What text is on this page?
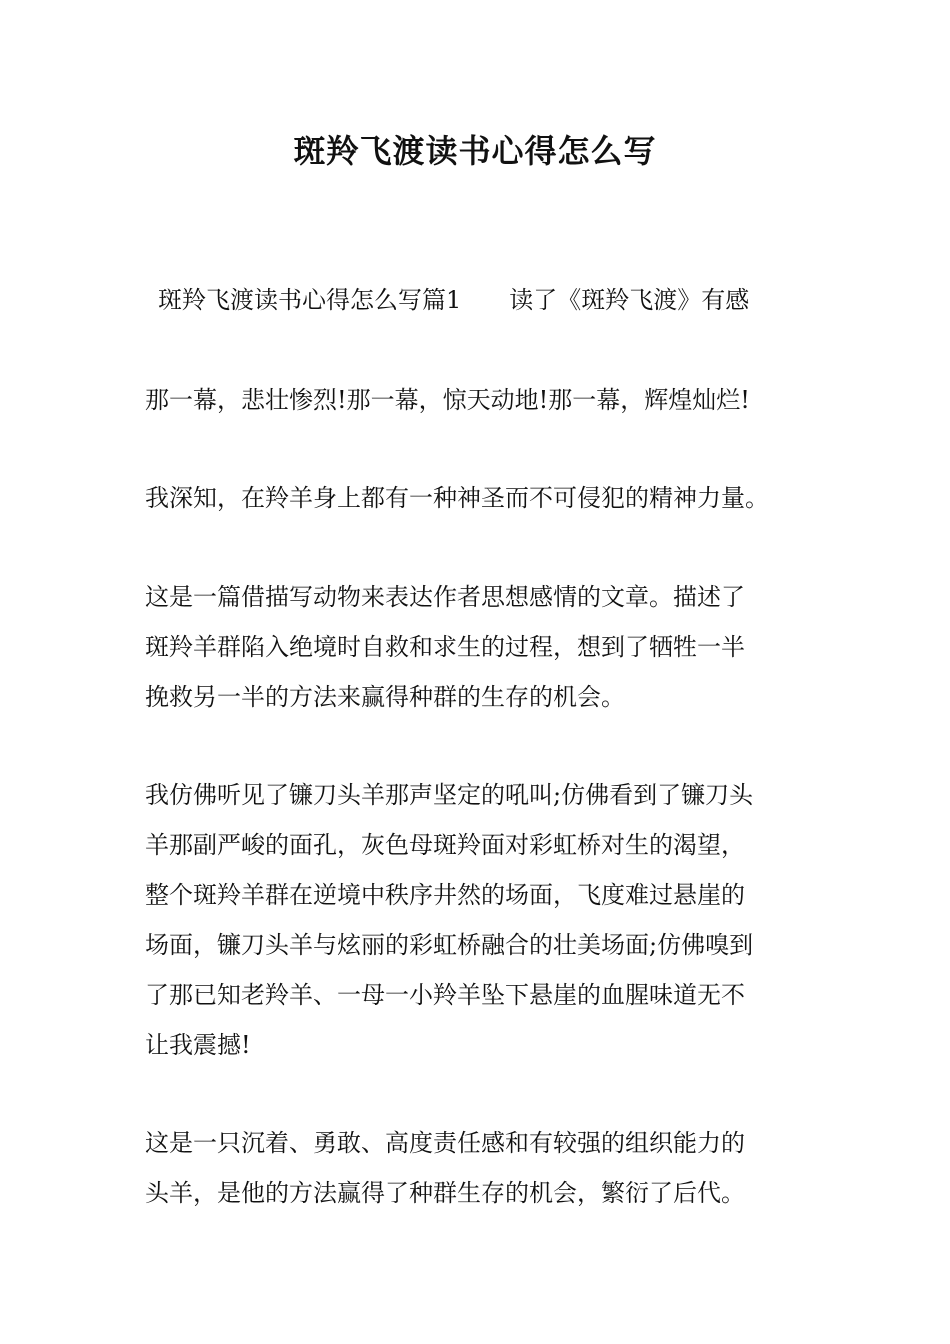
斑羚飞渡读书心得怎么写
斑羚飞渡读书心得怎么写篇1　　读了《斑羚飞渡》有感
那一幕，悲壮惨烈!那一幕，惊天动地!那一幕，辉煌灿烂!
我深知，在羚羊身上都有一种神圣而不可侵犯的精神力量。
这是一篇借描写动物来表达作者思想感情的文章。描述了
斑羚羊群陷入绝境时自救和求生的过程，想到了牺牲一半
挽救另一半的方法来赢得种群的生存的机会。
我仿佛听见了镰刀头羊那声坚定的吼叫;仿佛看到了镰刀头
羊那副严峻的面孔，灰色母斑羚面对彩虹桥对生的渴望，
整个斑羚羊群在逆境中秩序井然的场面，飞度难过悬崖的
场面，镰刀头羊与炫丽的彩虹桥融合的壮美场面;仿佛嗅到
了那已知老羚羊、一母一小羚羊坠下悬崖的血腥味道无不
让我震撼!
这是一只沉着、勇敢、高度责任感和有较强的组织能力的
头羊，是他的方法赢得了种群生存的机会，繁衍了后代。
